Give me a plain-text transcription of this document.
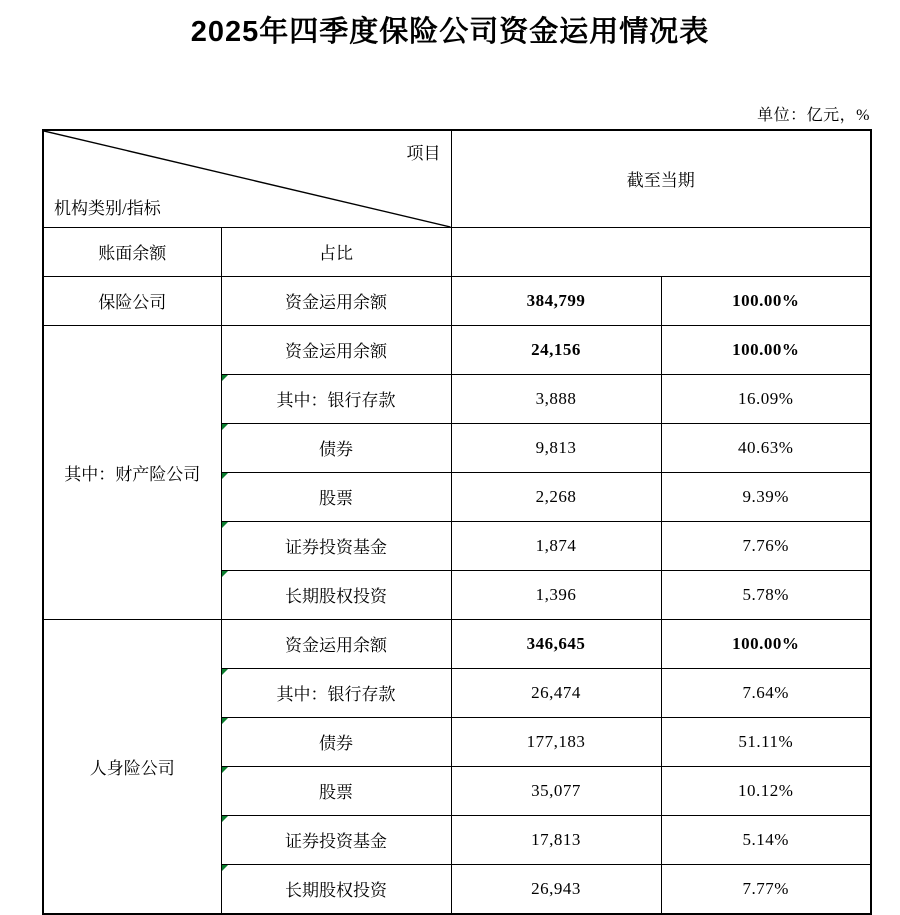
2025年四季度保险公司资金运用情况表
单位：亿元，%
项目
机构类别/指标		截至当期	
账面余额	占比		
保险公司	资金运用余额	384,799	100.00%
其中：财产险公司	资金运用余额	24,156	100.00%
	其中：银行存款	3,888	16.09%
	债券	9,813	40.63%
	股票	2,268	9.39%
	证券投资基金	1,874	7.76%
	长期股权投资	1,396	5.78%
人身险公司	资金运用余额	346,645	100.00%
	其中：银行存款	26,474	7.64%
	债券	177,183	51.11%
	股票	35,077	10.12%
	证券投资基金	17,813	5.14%
	长期股权投资	26,943	7.77%
